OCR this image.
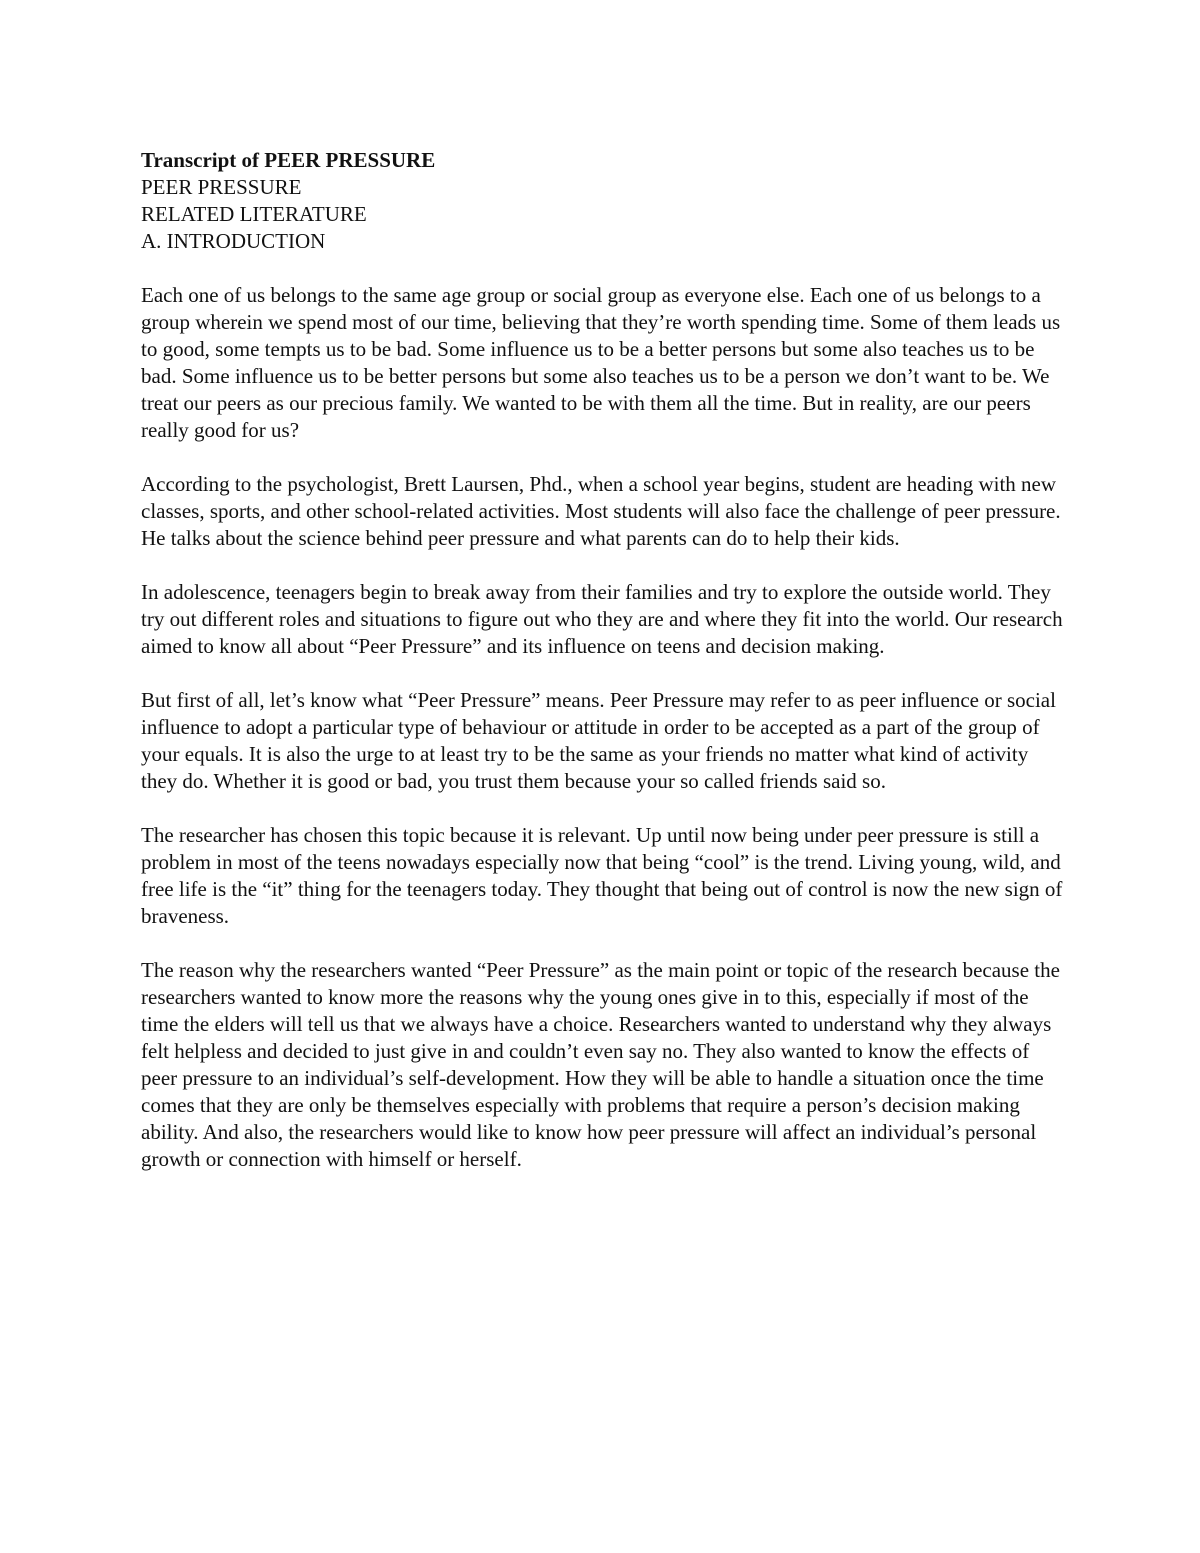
Transcript of PEER PRESSURE
PEER PRESSURE
RELATED LITERATURE
A. INTRODUCTION

Each one of us belongs to the same age group or social group as everyone else. Each one of us belongs to a group wherein we spend most of our time, believing that they’re worth spending time. Some of them leads us to good, some tempts us to be bad. Some influence us to be a better persons but some also teaches us to be bad. Some influence us to be better persons but some also teaches us to be a person we don’t want to be. We treat our peers as our precious family. We wanted to be with them all the time. But in reality, are our peers really good for us?

According to the psychologist, Brett Laursen, Phd., when a school year begins, student are heading with new classes, sports, and other school-related activities. Most students will also face the challenge of peer pressure. He talks about the science behind peer pressure and what parents can do to help their kids.

In adolescence, teenagers begin to break away from their families and try to explore the outside world. They try out different roles and situations to figure out who they are and where they fit into the world. Our research aimed to know all about “Peer Pressure” and its influence on teens and decision making.

But first of all, let’s know what “Peer Pressure” means. Peer Pressure may refer to as peer influence or social influence to adopt a particular type of behaviour or attitude in order to be accepted as a part of the group of your equals. It is also the urge to at least try to be the same as your friends no matter what kind of activity they do. Whether it is good or bad, you trust them because your so called friends said so.

The researcher has chosen this topic because it is relevant. Up until now being under peer pressure is still a problem in most of the teens nowadays especially now that being “cool” is the trend. Living young, wild, and free life is the “it” thing for the teenagers today. They thought that being out of control is now the new sign of braveness.

The reason why the researchers wanted “Peer Pressure” as the main point or topic of the research because the researchers wanted to know more the reasons why the young ones give in to this, especially if most of the time the elders will tell us that we always have a choice. Researchers wanted to understand why they always felt helpless and decided to just give in and couldn’t even say no. They also wanted to know the effects of peer pressure to an individual’s self-development. How they will be able to handle a situation once the time comes that they are only be themselves especially with problems that require a person’s decision making ability. And also, the researchers would like to know how peer pressure will affect an individual’s personal growth or connection with himself or herself.
